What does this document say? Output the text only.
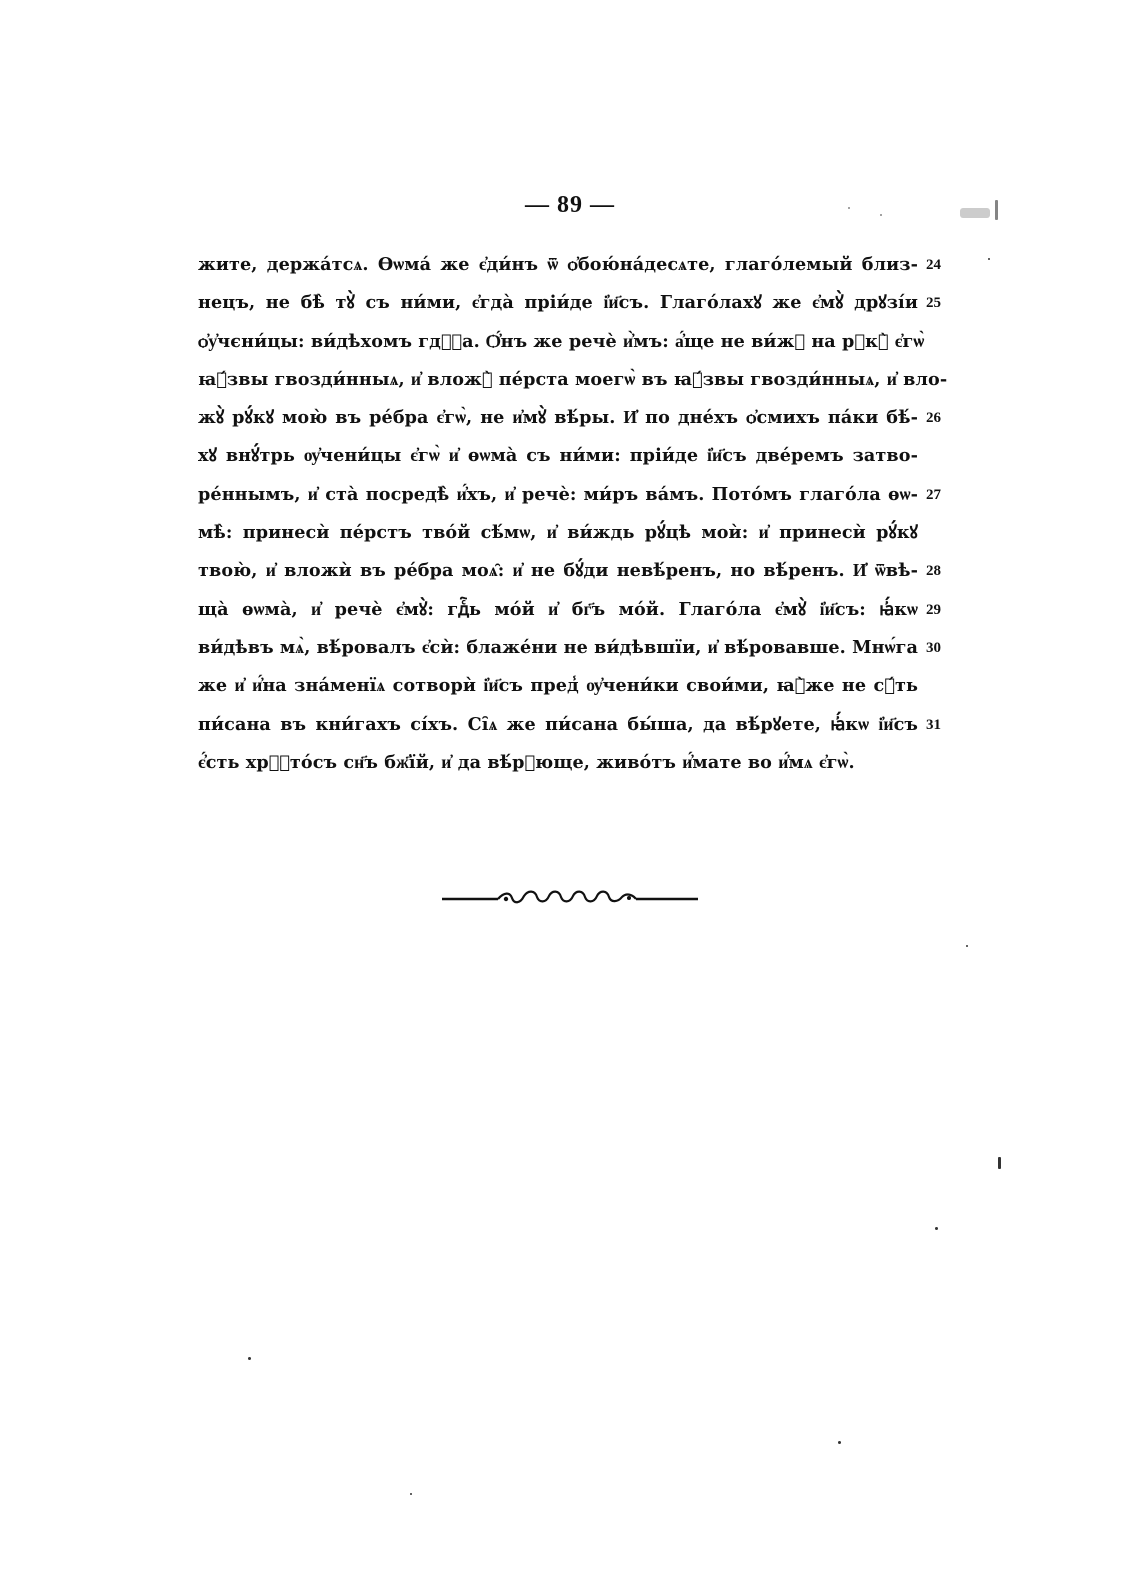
— 89 —
жите, держа́тсѧ. Ѳѡма́ же є҆ди́нъ ѿ ѻ҆бою́на́десѧте, глаго́лемый близ- 24
нецъ, не бѣ̀ тꙋ̀ съ ни́ми, є҆гда̀ пріи́де і҆и҃съ. Глаго́лахꙋ же є҆мꙋ̀ дрꙋзі́и 25
ѻ҆у҆чєни́цы: ви́дѣхомъ гдⷭ҇а. Ѻ҆́нъ же речѐ и҆̀мъ: а҆́ще не ви́жꙋ на рꙋкꙋ̀ є҆гѡ̀
ꙗ҆́звы гвозди́нныѧ, и҆ вложꙋ̀ пе́рста моегѡ̀ въ ꙗ҆́звы гвозди́нныѧ, и҆ вло-
жꙋ̀ рꙋ́кꙋ мою̀ въ ре́бра є҆гѡ̀, не и҆мꙋ̀ вѣ́ры. И҆ по дне́хъ ѻ҆смихъ па́ки бѣ́- 26
хꙋ внꙋ́трь ѹ҆чени́цы є҆гѡ̀ и҆ ѳѡма̀ съ ни́ми: пріи́де і҆и҃съ две́ремъ затво-
ре́ннымъ, и҆ ста̀ посредѣ̀ и҆́хъ, и҆ речѐ: ми́ръ ва́мъ. Пото́мъ глаго́ла ѳѡ- 27
мѣ̀: принесѝ пе́рстъ тво́й сѣ́мѡ, и҆ ви́ждь рꙋ́цѣ моѝ: и҆ принесѝ рꙋ́кꙋ
твою̀, и҆ вложѝ въ ре́бра моѧ̑: и҆ не бꙋ́ди невѣ́ренъ, но вѣ́ренъ. И҆ ѿвѣ- 28
ща̀ ѳѡма̀, и҆ речѐ є҆мꙋ̀: гдⷭ҇ь мо́й и҆ бг҃ъ мо́й. Глаго́ла є҆мꙋ̀ і҆и҃съ: ꙗ҆́кѡ 29
ви́дѣвъ мѧ̀, вѣ́ровалъ є҆сѝ: блаже́ни не ви́дѣвшїи, и҆ вѣ́ровавше. Мнѡ́га 30
же и҆ и҆́на зна́менїѧ сотворѝ і҆и҃съ пред̾ ѹ҆чени́ки свои́ми, ꙗ҆̀же не сꙋ́ть
пи́сана въ кни́гахъ сі́хъ. Сі̑ѧ же пи́сана бы́ша, да вѣ́рꙋете, ꙗ҆́кѡ і҆и҃съ 31
є҆́сть хрⷭ҇то́съ сн҃ъ бж҃їй, и҆ да вѣ́рꙋюще, живо́тъ и҆́мате во и҆́мѧ є҆гѡ̀.
